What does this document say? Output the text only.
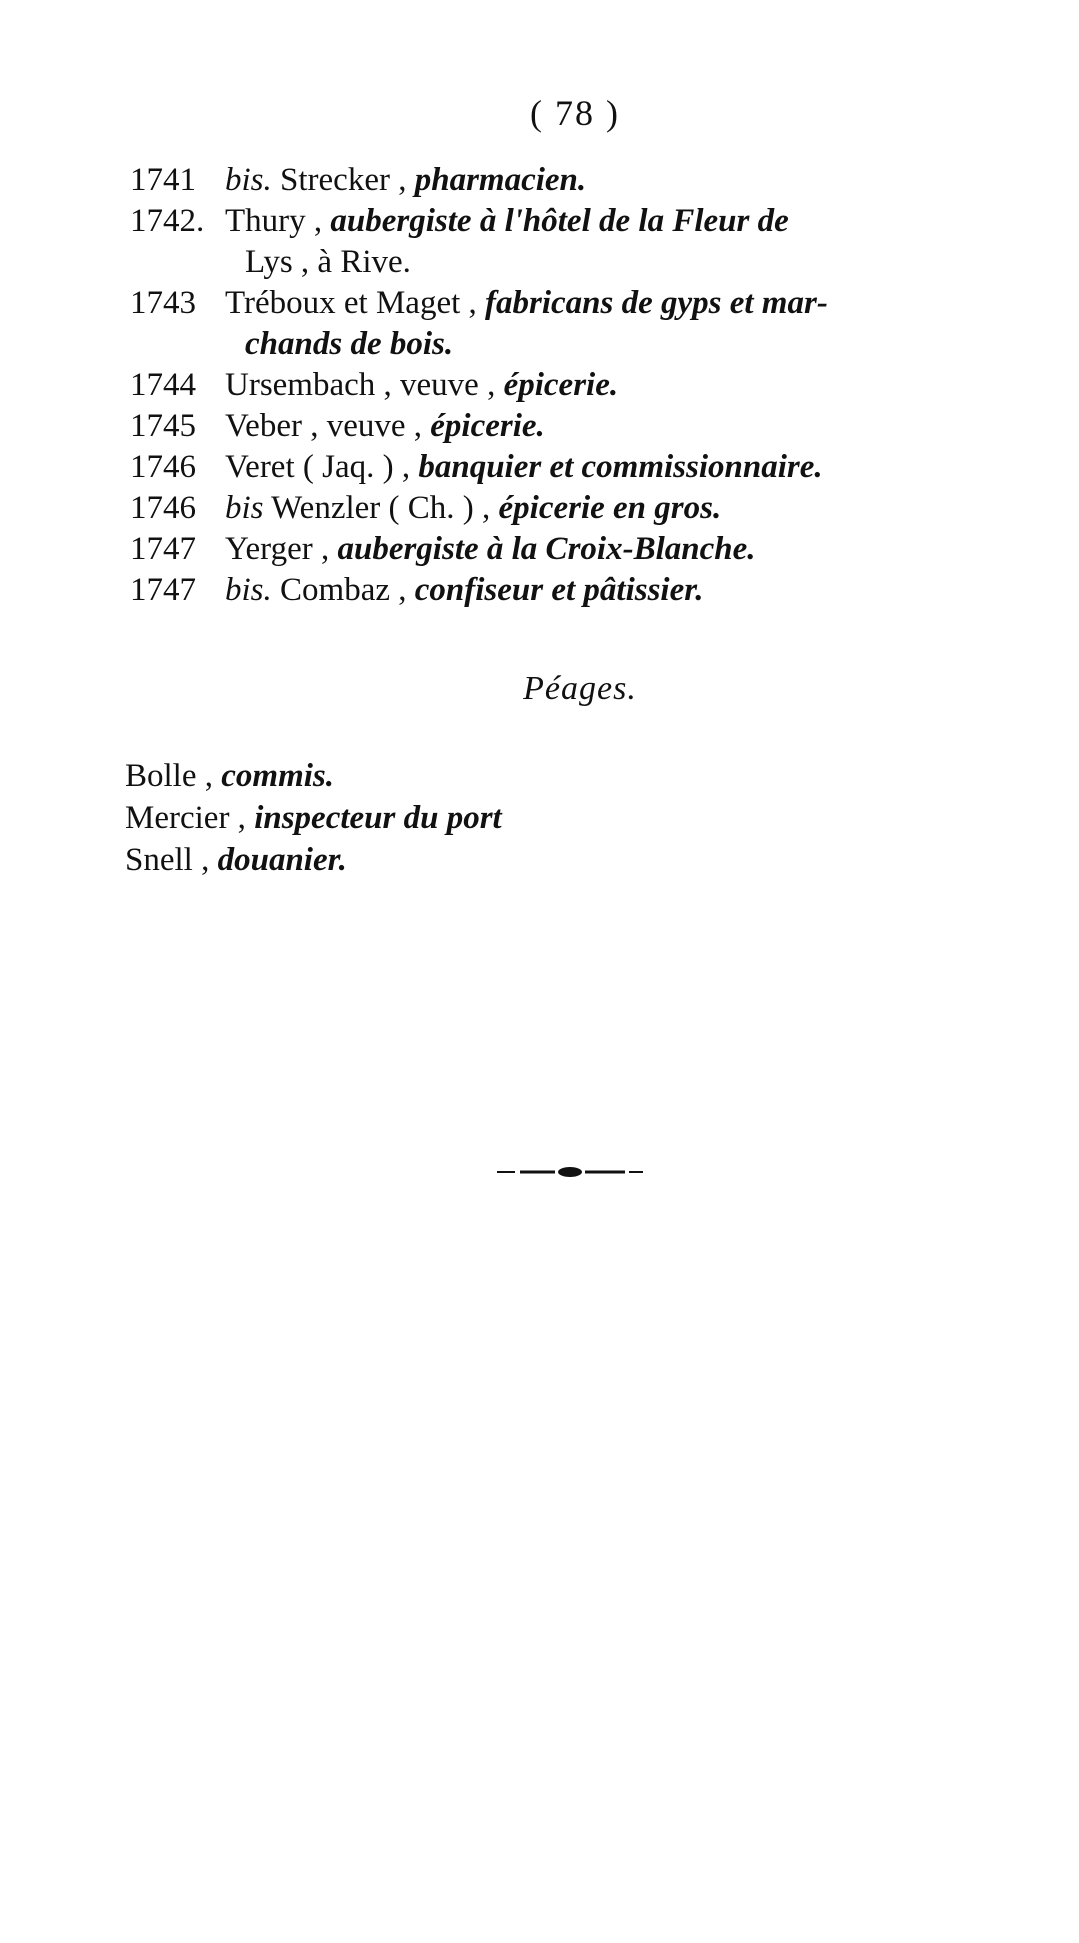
( 78 )
1741 bis. Strecker , pharmacien.
1742. Thury , aubergiste à l'hôtel de la Fleur de
Lys , à Rive.
1743 Tréboux et Maget , fabricans de gyps et mar-
chands de bois.
1744 Ursembach , veuve , épicerie.
1745 Veber , veuve , épicerie.
1746 Veret ( Jaq. ) , banquier et commissionnaire.
1746 bis Wenzler ( Ch. ) , épicerie en gros.
1747 Yerger , aubergiste à la Croix-Blanche.
1747 bis. Combaz , confiseur et pâtissier.
Péages.
Bolle , commis.
Mercier , inspecteur du port
Snell , douanier.
